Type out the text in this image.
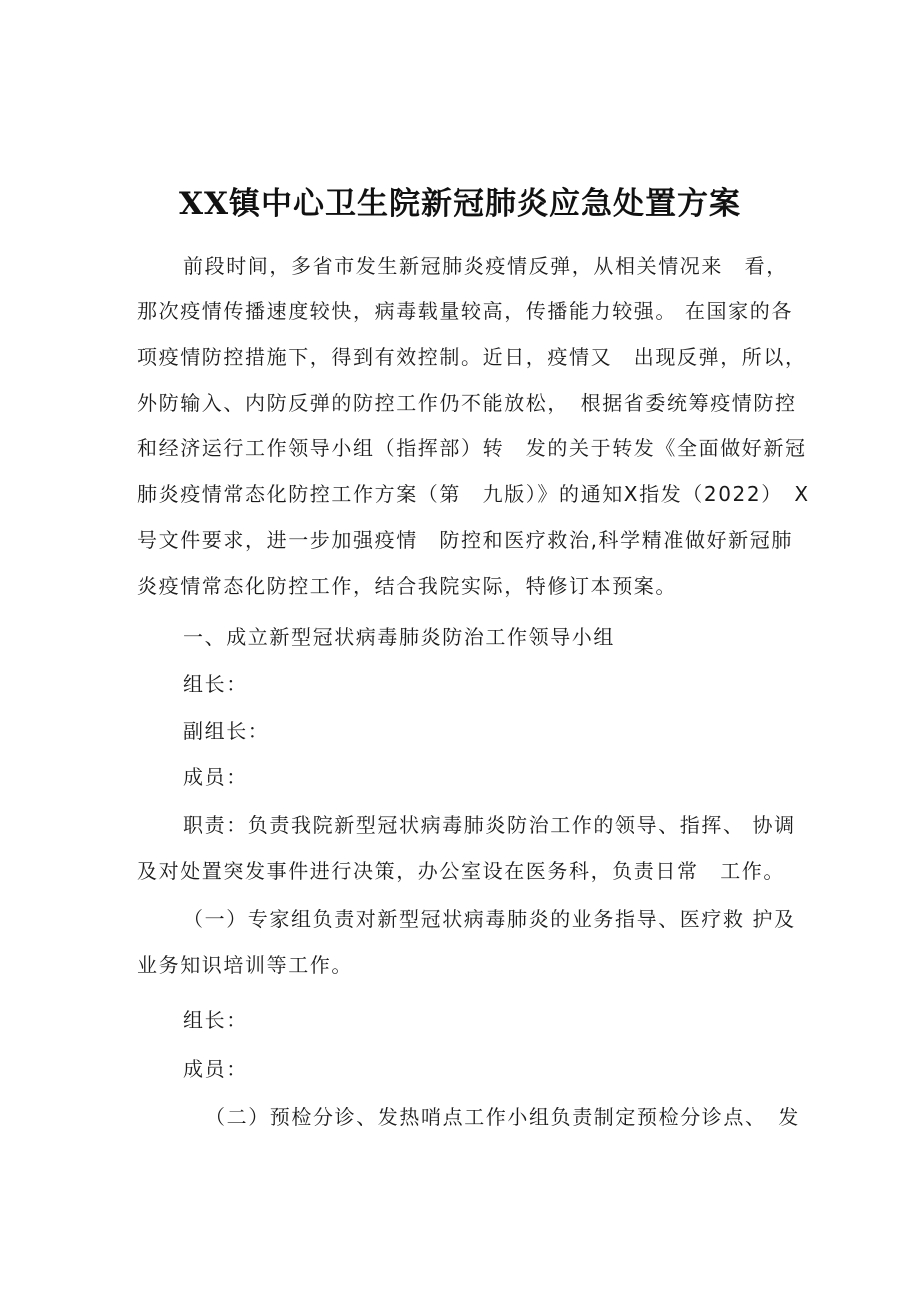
XX镇中心卫生院新冠肺炎应急处置方案

前段时间，多省市发生新冠肺炎疫情反弹，从相关情况来　看，

那次疫情传播速度较快，病毒载量较高，传播能力较强。 在国家的各

项疫情防控措施下，得到有效控制。近日，疫情又　出现反弹，所以，

外防输入、内防反弹的防控工作仍不能放松，　根据省委统筹疫情防控

和经济运行工作领导小组（指挥部）转　发的关于转发《全面做好新冠

肺炎疫情常态化防控工作方案（第　九版）》的通知X指发（2022）　X

号文件要求，进一步加强疫情　防控和医疗救治,科学精准做好新冠肺

炎疫情常态化防控工作，结合我院实际，特修订本预案。

一、成立新型冠状病毒肺炎防治工作领导小组

组长：

副组长：

成员：

职责：负责我院新型冠状病毒肺炎防治工作的领导、指挥、 协调

及对处置突发事件进行决策，办公室设在医务科，负责日常　工作。

（一）专家组负责对新型冠状病毒肺炎的业务指导、医疗救 护及

业务知识培训等工作。

组长：

成员：

（二）预检分诊、发热哨点工作小组负责制定预检分诊点、　发
